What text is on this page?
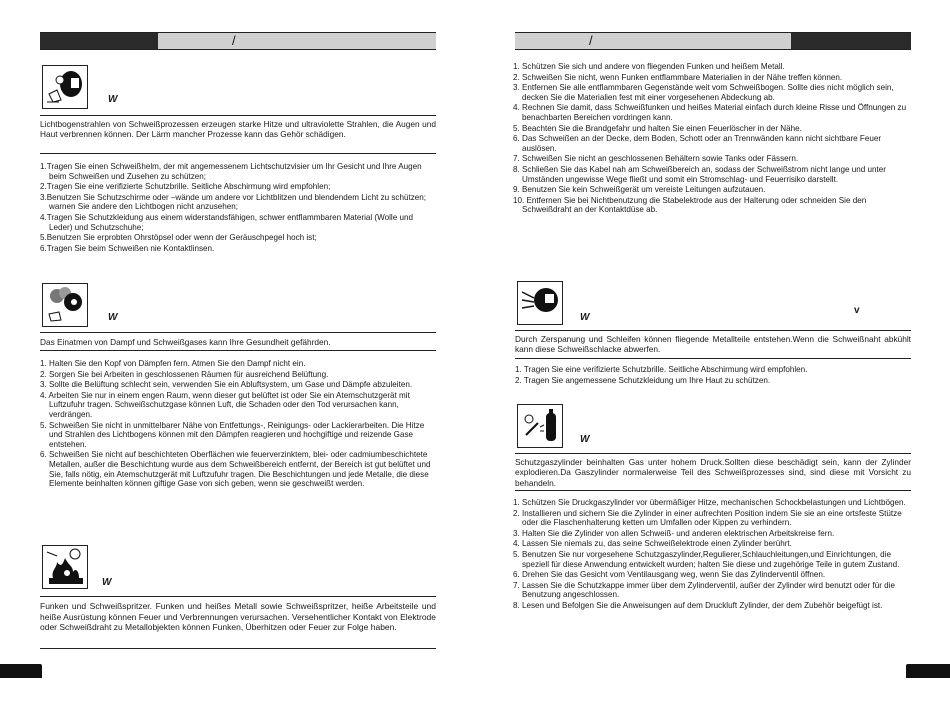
/
W
Lichtbogenstrahlen von Schweißprozessen erzeugen starke Hitze und ultraviolette Strahlen, die Augen und Haut verbrennen können. Der Lärm mancher Prozesse kann das Gehör schädigen.
1.Tragen Sie einen Schweißhelm, der mit angemessenem Lichtschutzvisier um Ihr Gesicht und Ihre Augen beim Schweißen und Zusehen zu schützen;
2.Tragen Sie eine verifizierte Schutzbrille. Seitliche Abschirmung wird empfohlen;
3.Benutzen Sie Schutzschirme oder –wände um andere vor Lichtblitzen und blendendem Licht zu schützen; warnen Sie andere den Lichtbogen nicht anzusehen;
4.Tragen Sie Schutzkleidung aus einem widerstandsfähigen, schwer entflammbaren Material (Wolle und Leder) und Schutzschuhe;
5.Benutzen Sie erprobten Ohrstöpsel oder wenn der Geräuschpegel hoch ist;
6.Tragen Sie beim Schweißen nie Kontaktlinsen.
W
Das Einatmen von Dampf und Schweißgases kann Ihre Gesundheit gefährden.
1. Halten Sie den Kopf von Dämpfen fern. Atmen Sie den Dampf nicht ein.
2. Sorgen Sie bei Arbeiten in geschlossenen Räumen für ausreichend Belüftung.
3. Sollte die Belüftung schlecht sein, verwenden Sie ein Abluftsystem, um Gase und Dämpfe abzuleiten.
4. Arbeiten Sie nur in einem engen Raum, wenn dieser gut belüftet ist oder Sie ein Atemschutzgerät mit Luftzufuhr tragen. Schweißschutzgase können Luft, die Schaden oder den Tod verursachen kann, verdrängen.
5. Schweißen Sie nicht in unmittelbarer Nähe von Entfettungs-, Reinigungs- oder Lackierarbeiten. Die Hitze und Strahlen des Lichtbogens können mit den Dämpfen reagieren und hochgiftige und reizende Gase entstehen.
6. Schweißen Sie nicht auf beschichteten Oberflächen wie feuerverzinktem, blei- oder cadmiumbeschichtete Metallen, außer die Beschichtung wurde aus dem Schweißbereich entfernt, der Bereich ist gut belüftet und Sie, falls nötig, ein Atemschutzgerät mit Luftzufuhr tragen. Die Beschichtungen und jede Metalle, die diese Elemente beinhalten können giftige Gase von sich geben, wenn sie geschweißt werden.
W
Funken und Schweißspritzer. Funken und heißes Metall sowie Schweißspritzer, heiße Arbeitsteile und heiße Ausrüstung können Feuer und Verbrennungen verursachen. Versehentlicher Kontakt von Elektrode oder Schweißdraht zu Metallobjekten können Funken, Überhitzen oder Feuer zur Folge haben.
/
1. Schützen Sie sich und andere von fliegenden Funken und heißem Metall.
2. Schweißen Sie nicht, wenn Funken entflammbare Materialien in der Nähe treffen können.
3. Entfernen Sie alle entflammbaren Gegenstände weit vom Schweißbogen. Sollte dies nicht möglich sein, decken Sie die Materialien fest mit einer vorgesehenen Abdeckung ab.
4. Rechnen Sie damit, dass Schweißfunken und heißes Material einfach durch kleine Risse und Öffnungen zu benachbarten Bereichen vordringen kann.
5. Beachten Sie die Brandgefahr und halten Sie einen Feuerlöscher in der Nähe.
6. Das Schweißen an der Decke, dem Boden, Schott oder an Trennwänden kann nicht sichtbare Feuer auslösen.
7. Schweißen Sie nicht an geschlossenen Behältern sowie Tanks oder Fässern.
8. Schließen Sie das Kabel nah am Schweißbereich an, sodass der Schweißstrom nicht lange und unter Umständen ungewisse Wege fließt und somit ein Stromschlag- und Feuerrisiko darstellt.
9. Benutzen Sie kein Schweißgerät um vereiste Leitungen aufzutauen.
10. Entfernen Sie bei Nichtbenutzung die Stabelektrode aus der Halterung oder schneiden Sie den Schweißdraht an der Kontaktdüse ab.
W
v
Durch Zerspanung und Schleifen können fliegende Metallteile entstehen.Wenn die Schweißnaht abkühlt kann diese Schweißschlacke abwerfen.
1. Tragen Sie eine verifizierte Schutzbrille. Seitliche Abschirmung wird empfohlen.
2. Tragen Sie angemessene Schutzkleidung um Ihre Haut zu schützen.
W
Schutzgaszylinder beinhalten Gas unter hohem Druck.Sollten diese beschädigt sein, kann der Zylinder explodieren.Da Gaszylinder normalerweise Teil des Schweißprozesses sind, sind diese mit Vorsicht zu behandeln.
1. Schützen Sie Druckgaszylinder vor übermäßiger Hitze, mechanischen Schockbelastungen und Lichtbögen.
2. Installieren und sichern Sie die Zylinder in einer aufrechten Position indem Sie sie an eine ortsfeste Stütze oder die Flaschenhalterung ketten um Umfallen oder Kippen zu verhindern.
3. Halten Sie die Zylinder von allen Schweiß- und anderen elektrischen Arbeitskreise fern.
4. Lassen Sie niemals zu, das seine Schweißelektrode einen Zylinder berührt.
5. Benutzen Sie nur vorgesehene Schutzgaszylinder,Regulierer,Schlauchleitungen,und Einrichtungen, die speziell für diese Anwendung entwickelt wurden; halten Sie diese und zugehörige Teile in gutem Zustand.
6. Drehen Sie das Gesicht vom Ventilausgang weg, wenn Sie das Zylinderventil öffnen.
7. Lassen Sie die Schutzkappe immer über dem Zylinderventil, außer der Zylinder wird benutzt oder für die Benutzung angeschlossen.
8. Lesen und Befolgen Sie die Anweisungen auf dem Druckluft Zylinder, der dem Zubehör beigefügt ist.
